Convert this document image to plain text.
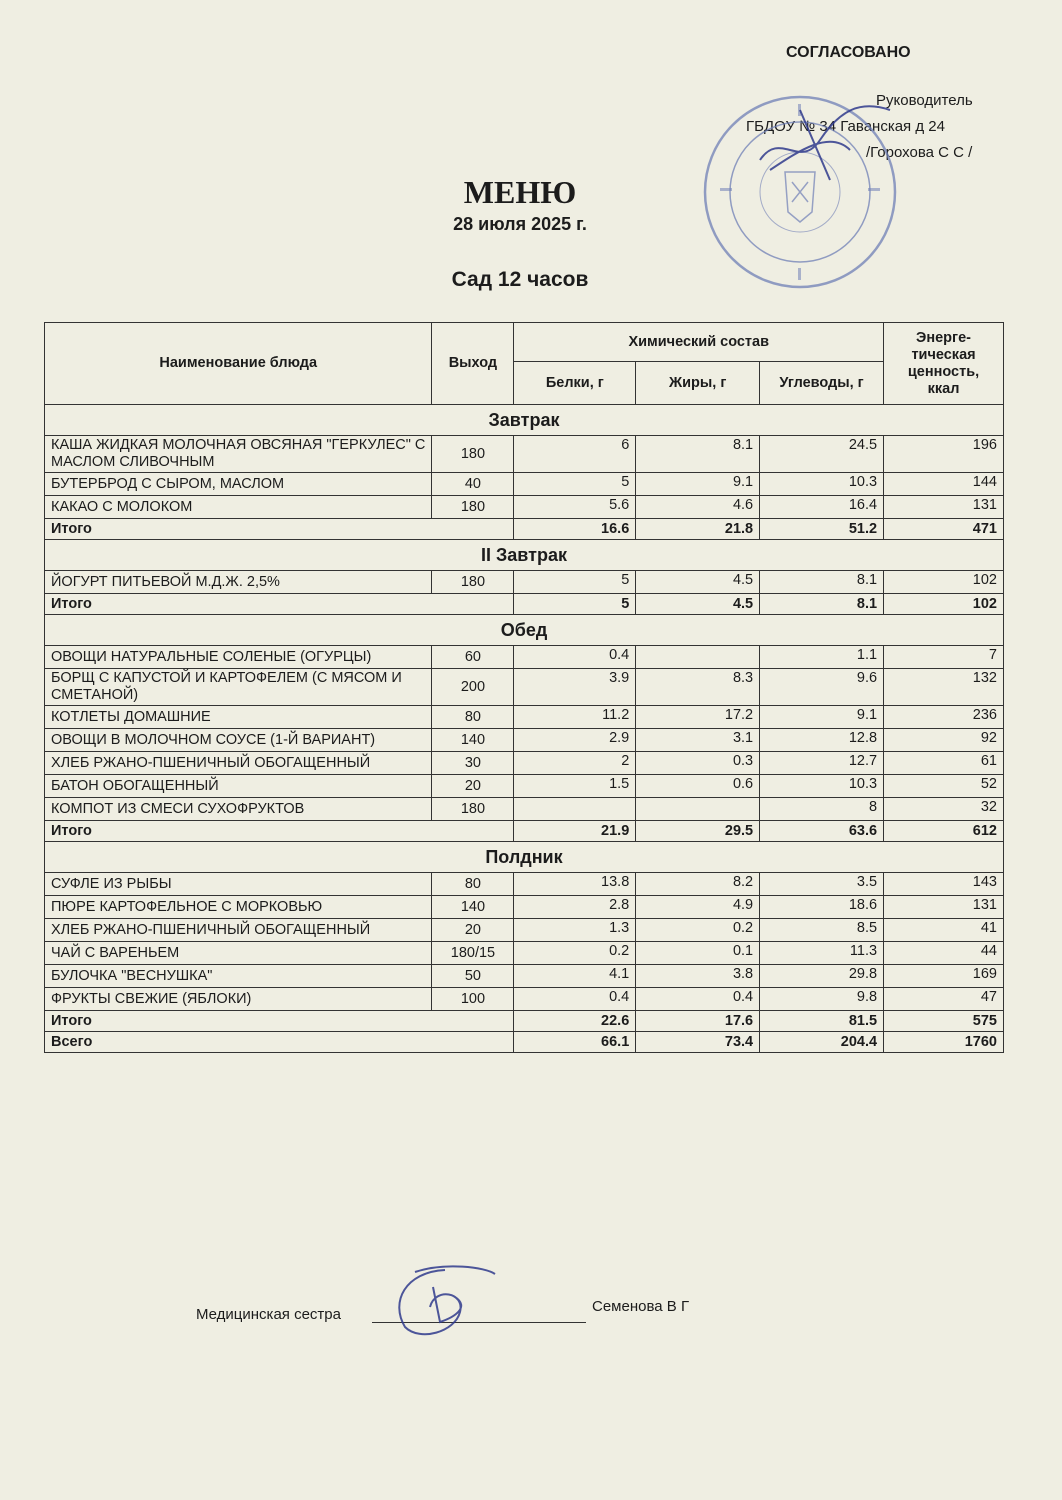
СОГЛАСОВАНО
Руководитель
ГБДОУ № 34 Гаванская д 24
/Горохова С С /
МЕНЮ
28 июля 2025 г.
Сад 12 часов
Наименование блюда	Выход	Химический состав			Энерге-тическая ценность, ккал
		Белки, г	Жиры, г	Углеводы, г	
Завтрак					
КАША ЖИДКАЯ МОЛОЧНАЯ ОВСЯНАЯ "ГЕРКУЛЕС" С МАСЛОМ СЛИВОЧНЫМ	180	6	8.1	24.5	196
БУТЕРБРОД С СЫРОМ, МАСЛОМ	40	5	9.1	10.3	144
КАКАО С МОЛОКОМ	180	5.6	4.6	16.4	131
Итого		16.6	21.8	51.2	471
II Завтрак					
ЙОГУРТ ПИТЬЕВОЙ М.Д.Ж. 2,5%	180	5	4.5	8.1	102
Итого		5	4.5	8.1	102
Обед					
ОВОЩИ НАТУРАЛЬНЫЕ СОЛЕНЫЕ (ОГУРЦЫ)	60	0.4		1.1	7
БОРЩ С КАПУСТОЙ И КАРТОФЕЛЕМ (С МЯСОМ И СМЕТАНОЙ)	200	3.9	8.3	9.6	132
КОТЛЕТЫ ДОМАШНИЕ	80	11.2	17.2	9.1	236
ОВОЩИ В МОЛОЧНОМ СОУСЕ (1-Й ВАРИАНТ)	140	2.9	3.1	12.8	92
ХЛЕБ РЖАНО-ПШЕНИЧНЫЙ ОБОГАЩЕННЫЙ	30	2	0.3	12.7	61
БАТОН ОБОГАЩЕННЫЙ	20	1.5	0.6	10.3	52
КОМПОТ ИЗ СМЕСИ СУХОФРУКТОВ	180			8	32
Итого		21.9	29.5	63.6	612
Полдник					
СУФЛЕ ИЗ РЫБЫ	80	13.8	8.2	3.5	143
ПЮРЕ КАРТОФЕЛЬНОЕ С МОРКОВЬЮ	140	2.8	4.9	18.6	131
ХЛЕБ РЖАНО-ПШЕНИЧНЫЙ ОБОГАЩЕННЫЙ	20	1.3	0.2	8.5	41
ЧАЙ С ВАРЕНЬЕМ	180/15	0.2	0.1	11.3	44
БУЛОЧКА "ВЕСНУШКА"	50	4.1	3.8	29.8	169
ФРУКТЫ СВЕЖИЕ (ЯБЛОКИ)	100	0.4	0.4	9.8	47
Итого		22.6	17.6	81.5	575
Всего		66.1	73.4	204.4	1760
Медицинская сестра	Семенова В Г
